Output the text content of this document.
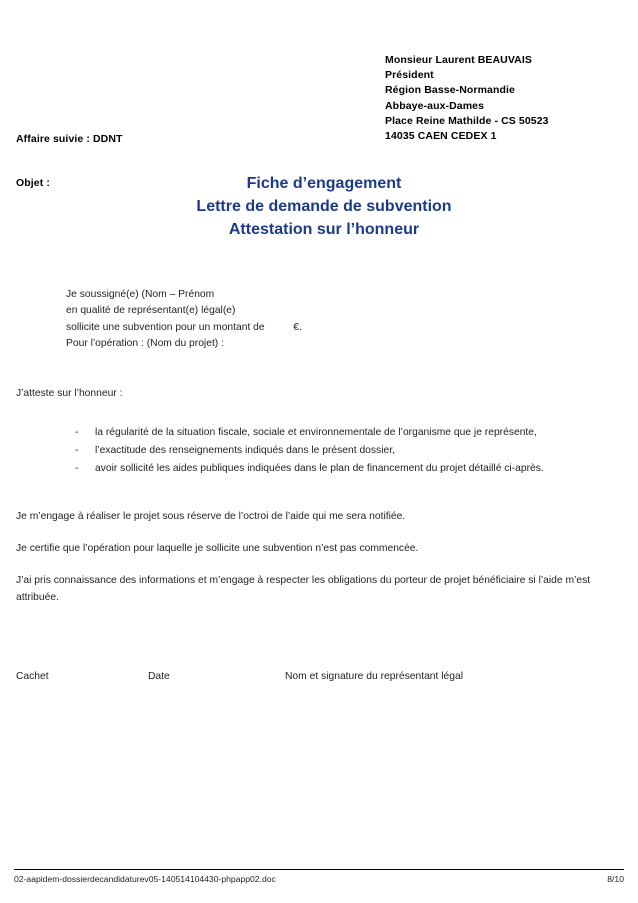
Monsieur Laurent BEAUVAIS
Président
Région Basse-Normandie
Abbaye-aux-Dames
Place Reine Mathilde - CS 50523
14035 CAEN CEDEX 1
Affaire suivie : DDNT
Objet :	Fiche d’engagement
Lettre de demande de subvention
Attestation sur l’honneur
Je soussigné(e) (Nom – Prénom
en qualité de représentant(e) légal(e)
sollicite une subvention pour un montant de          €.
Pour l’opération : (Nom du projet) :
J’atteste sur l’honneur :
-	la régularité de la situation fiscale, sociale et environnementale de l’organisme que je représente,
-	l’exactitude des renseignements indiqués dans le présent dossier,
-	avoir sollicité les aides publiques indiquées dans le plan de financement du projet détaillé ci-après.
Je m’engage à réaliser le projet sous réserve de l’octroi de l’aide qui me sera notifiée.
Je certifie que l’opération pour laquelle je sollicite une subvention n’est pas commencée.
J’ai pris connaissance des informations et m’engage à respecter les obligations du porteur de projet bénéficiaire si l’aide m’est attribuée.
Cachet	Date	Nom et signature du représentant légal
02-aapidem-dossierdecandidaturev05-140514104430-phpapp02.doc	8/10
